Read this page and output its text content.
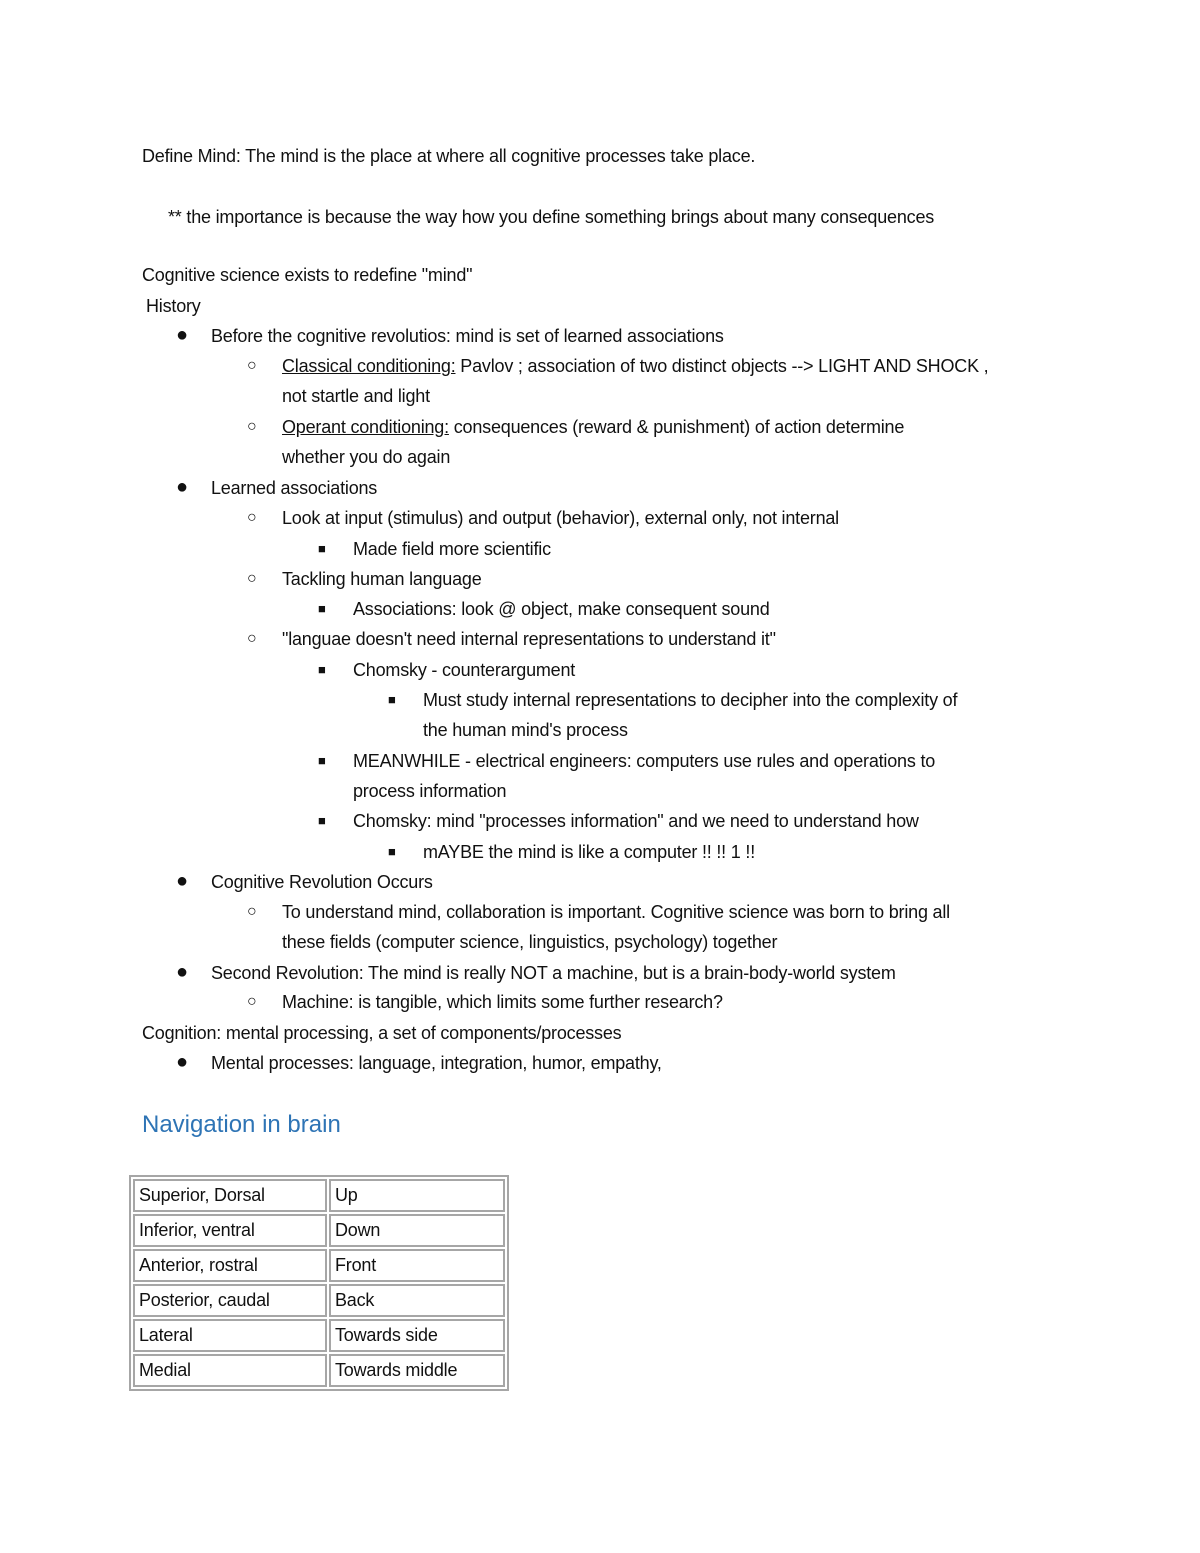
Define Mind: The mind is the place at where all cognitive processes take place.
** the importance is because the way how you define something brings about many consequences
Cognitive science exists to redefine "mind"
History
● Before the cognitive revolutios: mind is set of learned associations
○ Classical conditioning: Pavlov ; association of two distinct objects --> LIGHT AND SHOCK ,
not startle and light
○ Operant conditioning: consequences (reward & punishment) of action determine
whether you do again
● Learned associations
○ Look at input (stimulus) and output (behavior), external only, not internal
■ Made field more scientific
○ Tackling human language
■ Associations: look @ object, make consequent sound
○ "languae doesn't need internal representations to understand it"
■ Chomsky - counterargument
■ Must study internal representations to decipher into the complexity of
the human mind's process
■ MEANWHILE - electrical engineers: computers use rules and operations to
process information
■ Chomsky: mind "processes information" and we need to understand how
■ mAYBE the mind is like a computer !! !! 1 !!
● Cognitive Revolution Occurs
○ To understand mind, collaboration is important. Cognitive science was born to bring all
these fields (computer science, linguistics, psychology) together
● Second Revolution: The mind is really NOT a machine, but is a brain-body-world system
○ Machine: is tangible, which limits some further research?
Cognition: mental processing, a set of components/processes
● Mental processes: language, integration, humor, empathy,
Navigation in brain
Superior, Dorsal	Up
Inferior, ventral	Down
Anterior, rostral	Front
Posterior, caudal	Back
Lateral	Towards side
Medial	Towards middle
